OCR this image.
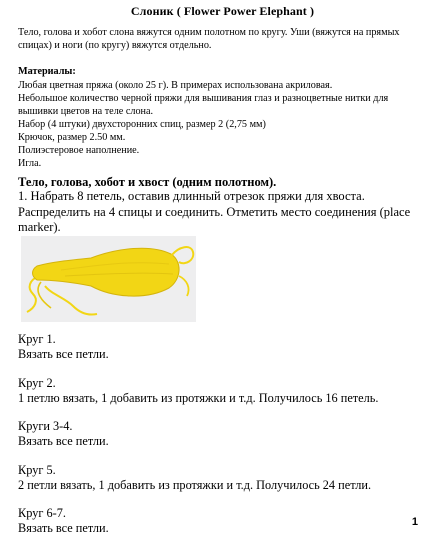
Слоник ( Flower Power Elephant )
Тело, голова и хобот слона вяжутся одним полотном по кругу. Уши (вяжутся на прямых спицах) и ноги (по кругу) вяжутся отдельно.
Материалы:
Любая цветная пряжа (около 25 г). В примерах использована акриловая.
Небольшое количество черной пряжи для вышивания глаз и разноцветные нитки для
вышивки цветов на теле слона.
Набор (4 штуки) двухсторонних спиц, размер 2 (2,75 мм)
Крючок, размер 2.50 мм.
Полиэстеровое наполнение.
Игла.
Тело, голова, хобот и хвост (одним полотном).
1. Набрать 8 петель, оставив длинный отрезок пряжи для хвоста.
Распределить на 4 спицы и соединить. Отметить место соединения (place
marker).
Круг 1.
Вязать все петли.
Круг 2.
1 петлю вязать, 1 добавить из протяжки и т.д. Получилось 16 петель.
Круги 3-4.
Вязать все петли.
Круг 5.
2 петли вязать, 1 добавить из протяжки и т.д. Получилось 24 петли.
Круг 6-7.
Вязать все петли.	1
